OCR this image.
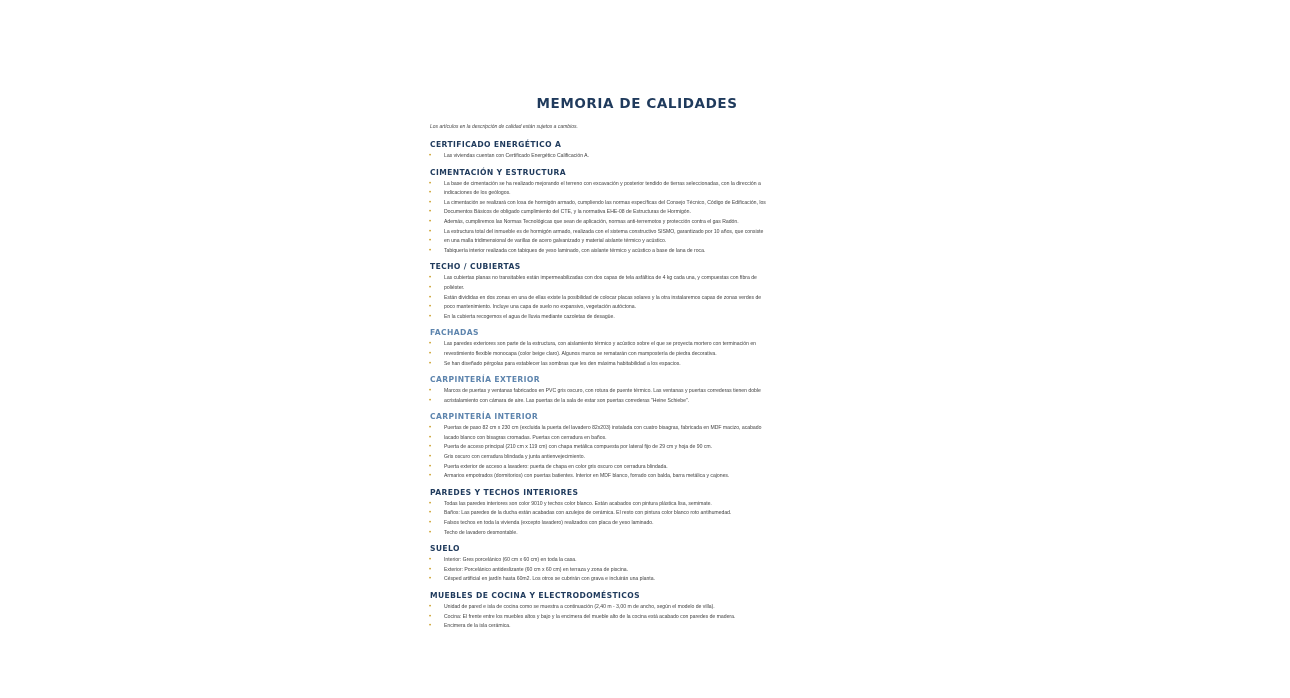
MEMORIA DE CALIDADES
Los artículos en la descripción de calidad están sujetos a cambios.
CERTIFICADO ENERGÉTICO A
•	Las viviendas cuentan con Certificado Energético Calificación A.
CIMENTACIÓN Y ESTRUCTURA
•	La base de cimentación se ha realizado mejorando el terreno con excavación y posterior tendido de tierras seleccionadas, con la dirección a
•	indicaciones de los geólogos.
•	La cimentación se realizará con losa de hormigón armado, cumpliendo las normas específicas del Consejo Técnico, Código de Edificación, los
•	Documentos Básicos de obligado cumplimiento del CTE, y la normativa EHE-08 de Estructuras de Hormigón.
•	Además, cumpliremos las Normas Tecnológicas que sean de aplicación, normas anti-terremotos y protección contra el gas Radón.
•	La estructura total del inmueble es de hormigón armado, realizada con el sistema constructivo SISMO, garantizado por 10 años, que consiste
•	en una malla tridimensional de varillas de acero galvanizado y material aislante térmico y acústico.
•	Tabiquería interior realizada con tabiques de yeso laminado, con aislante térmico y acústico a base de lana de roca.
TECHO / CUBIERTAS
•	Las cubiertas planas no transitables están impermeabilizadas con dos capas de tela asfáltica de 4 kg cada una, y compuestas con fibra de
•	poliéster.
•	Están divididas en dos zonas en una de ellas existe la posibilidad de colocar placas solares y la otra instalaremos capas de zonas verdes de
•	poco mantenimiento. Incluye una capa de suelo no expansivo, vegetación autóctona.
•	En la cubierta recogemos el agua de lluvia mediante cazoletas de desagüe.
FACHADAS
•	Las paredes exteriores son parte de la estructura, con aislamiento térmico y acústico sobre el que se proyecta mortero con terminación en
•	revestimiento flexible monocapa (color beige claro). Algunos muros se rematarán con mampostería de piedra decorativa.
•	Se han diseñado pérgolas para establecer las sombras que les den máxima habitabilidad a los espacios.
CARPINTERÍA EXTERIOR
•	Marcos de puertas y ventanas fabricados en PVC gris oscuro, con rotura de puente térmico. Las ventanas y puertas correderas tienen doble
•	acristalamiento con cámara de aire. Las puertas de la sala de estar son puertas correderas "Heine Schiebe".
CARPINTERÍA INTERIOR
•	Puertas de paso 82 cm x 230 cm (excluida la puerta del lavadero 82x203) instalada con cuatro bisagras, fabricada en MDF macizo, acabado
•	lacado blanco con bisagras cromadas. Puertas con cerradura en baños.
•	Puerta de acceso principal (210 cm x 119 cm) con chapa metálica compuesta por lateral fijo de 29 cm y hoja de 90 cm.
•	Gris oscuro con cerradura blindada y junta antienvejecimiento.
•	Puerta exterior de acceso a lavadero: puerta de chapa en color gris oscuro con cerradura blindada.
•	Armarios empotrados (dormitorios) con puertas batientes. Interior en MDF blanco, forrado con balda, barra metálica y cajones.
PAREDES Y TECHOS INTERIORES
•	Todas las paredes interiores son color 9010 y techos color blanco. Están acabados con pintura plástica lisa, semimate.
•	Baños: Las paredes de la ducha están acabadas con azulejos de cerámica. El resto con pintura color blanco roto antihumedad.
•	Falsos techos en toda la vivienda (excepto lavadero) realizados con placa de yeso laminado.
•	Techo de lavadero desmontable.
SUELO
•	Interior: Gres porcelánico (60 cm x 60 cm) en toda la casa.
•	Exterior: Porcelánico antideslizante (60 cm x 60 cm) en terraza y zona de piscina.
•	Césped artificial en jardín hasta 60m2. Los otros se cubrirán con grava e incluirán una planta.
MUEBLES DE COCINA Y ELECTRODOMÉSTICOS
•	Unidad de pared e isla de cocina como se muestra a continuación (2,40 m - 3,00 m de ancho, según el modelo de villa).
•	Cocina: El frente entre los muebles altos y bajo y la encimera del mueble alto de la cocina está acabado con paredes de madera.
•	Encimera de la isla cerámica.
